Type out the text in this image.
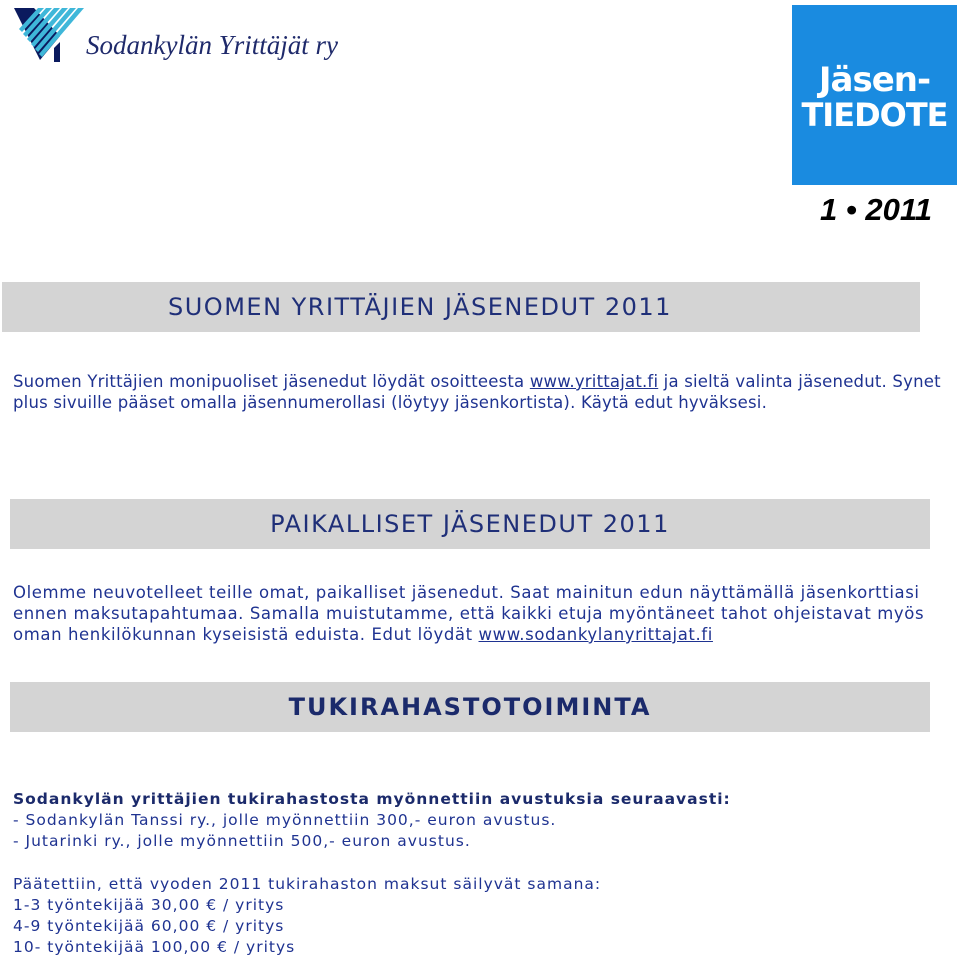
Sodankylän Yrittäjät ry
Jäsen-
TIEDOTE
1 • 2011
SUOMEN YRITTÄJIEN JÄSENEDUT 2011
Suomen Yrittäjien monipuoliset jäsenedut löydät osoitteesta www.yrittajat.fi ja sieltä valinta jäsenedut. Synet plus sivuille pääset omalla jäsennumerollasi (löytyy jäsenkortista). Käytä edut hyväksesi.
PAIKALLISET JÄSENEDUT 2011
Olemme neuvotelleet teille omat, paikalliset jäsenedut. Saat mainitun edun näyttämällä jäsenkorttiasi ennen maksutapahtumaa. Samalla muistutamme, että kaikki etuja myöntäneet tahot ohjeistavat myös oman henkilökunnan kyseisistä eduista. Edut löydät www.sodankylanyrittajat.fi
TUKIRAHASTOTOIMINTA
Sodankylän yrittäjien tukirahastosta myönnettiin avustuksia seuraavasti:
- Sodankylän Tanssi ry., jolle myönnettiin 300,- euron avustus.
- Jutarinki ry., jolle myönnettiin 500,- euron avustus.
Päätettiin, että vyoden 2011 tukirahaston maksut säilyvät samana:
1-3 työntekijää 30,00 € / yritys
4-9 työntekijää 60,00 € / yritys
10- työntekijää 100,00 € / yritys
